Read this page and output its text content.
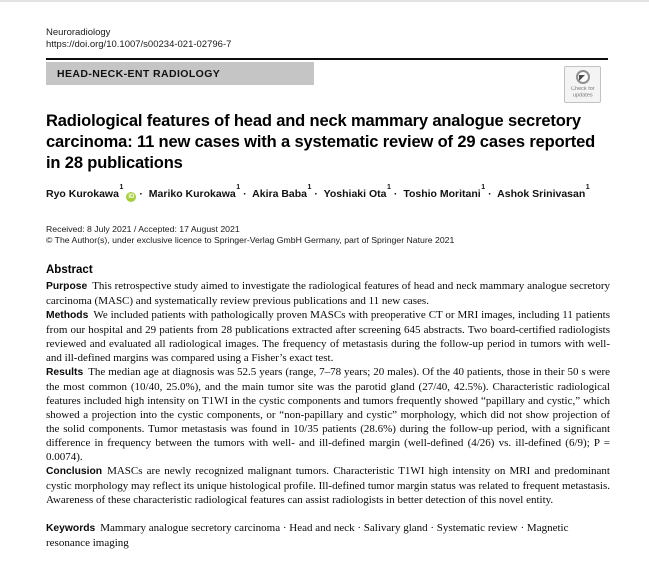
Neuroradiology
https://doi.org/10.1007/s00234-021-02796-7
HEAD-NECK-ENT RADIOLOGY
Check for
updates
Radiological features of head and neck mammary analogue secretory carcinoma: 11 new cases with a systematic review of 29 cases reported in 28 publications
Ryo Kurokawa$^1$iD · Mariko Kurokawa$^1$· Akira Baba$^1$· Yoshiaki Ota$^1$· Toshio Moritani$^1$· Ashok Srinivasan$^1$
Received: 8 July 2021 / Accepted: 17 August 2021
© The Author(s), under exclusive licence to Springer-Verlag GmbH Germany, part of Springer Nature 2021
Abstract

Purpose This retrospective study aimed to investigate the radiological features of head and neck mammary analogue secretory carcinoma (MASC) and systematically review previous publications and 11 new cases.

Methods We included patients with pathologically proven MASCs with preoperative CT or MRI images, including 11 patients from our hospital and 29 patients from 28 publications extracted after screening 645 abstracts. Two board-certified radiologists reviewed and evaluated all radiological images. The frequency of metastasis during the follow-up period in tumors with well- and ill-defined margins was compared using a Fisher’s exact test.

Results The median age at diagnosis was 52.5 years (range, 7–78 years; 20 males). Of the 40 patients, those in their 50 s were the most common (10/40, 25.0%), and the main tumor site was the parotid gland (27/40, 42.5%). Characteristic radiological features included high intensity on T1WI in the cystic components and tumors frequently showed “papillary and cystic,” which showed a projection into the cystic components, or “non-papillary and cystic” morphology, which did not show projection of the solid components. Tumor metastasis was found in 10/35 patients (28.6%) during the follow-up period, with a significant difference in frequency between the tumors with well- and ill-defined margin (well-defined (4/26) vs. ill-defined (6/9); P = 0.0074).

Conclusion MASCs are newly recognized malignant tumors. Characteristic T1WI high intensity on MRI and predominant cystic morphology may reflect its unique histological profile. Ill-defined tumor margin status was related to frequent metastasis. Awareness of these characteristic radiological features can assist radiologists in better detection of this novel entity.

Keywords Mammary analogue secretory carcinoma · Head and neck · Salivary gland · Systematic review · Magnetic resonance imaging
